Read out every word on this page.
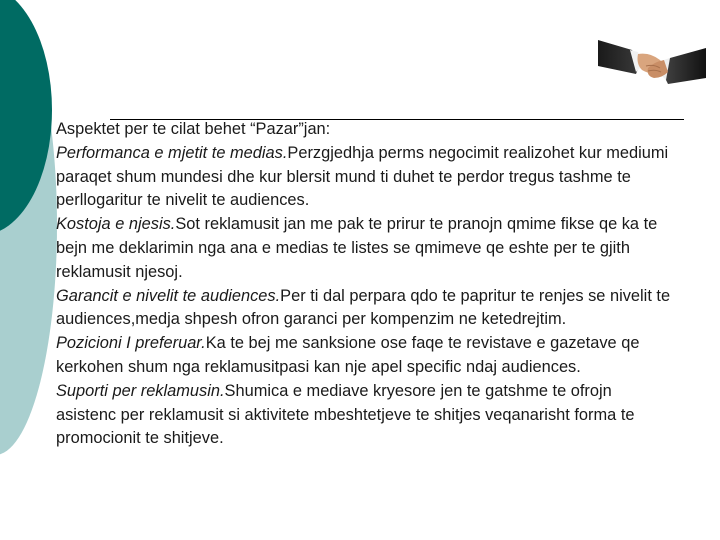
Aspektet per te cilat behet “Pazar”jan:

Performanca e mjetit te medias.Perzgjedhja perms negocimit realizohet kur mediumi paraqet shum mundesi dhe kur blersit mund ti duhet te perdor tregus tashme te perllogaritur te nivelit te audiences.

Kostoja e njesis.Sot reklamusit jan me pak te prirur te pranojn qmime fikse qe ka te bejn me deklarimin nga ana e medias te listes se qmimeve qe eshte per te gjith reklamusit njesoj.

Garancit e nivelit te audiences.Per ti dal perpara qdo te papritur te renjes se nivelit te audiences,medja shpesh ofron garanci per kompenzim ne ketedrejtim.

Pozicioni I preferuar.Ka te bej me sanksione ose faqe te revistave e gazetave qe kerkohen shum nga reklamusitpasi kan nje apel specific ndaj audiences.

Suporti per reklamusin.Shumica e mediave kryesore jen te gatshme te ofrojn asistenc per reklamusit si aktivitete mbeshtetjeve te shitjes veqanarisht forma te promocionit te shitjeve.
